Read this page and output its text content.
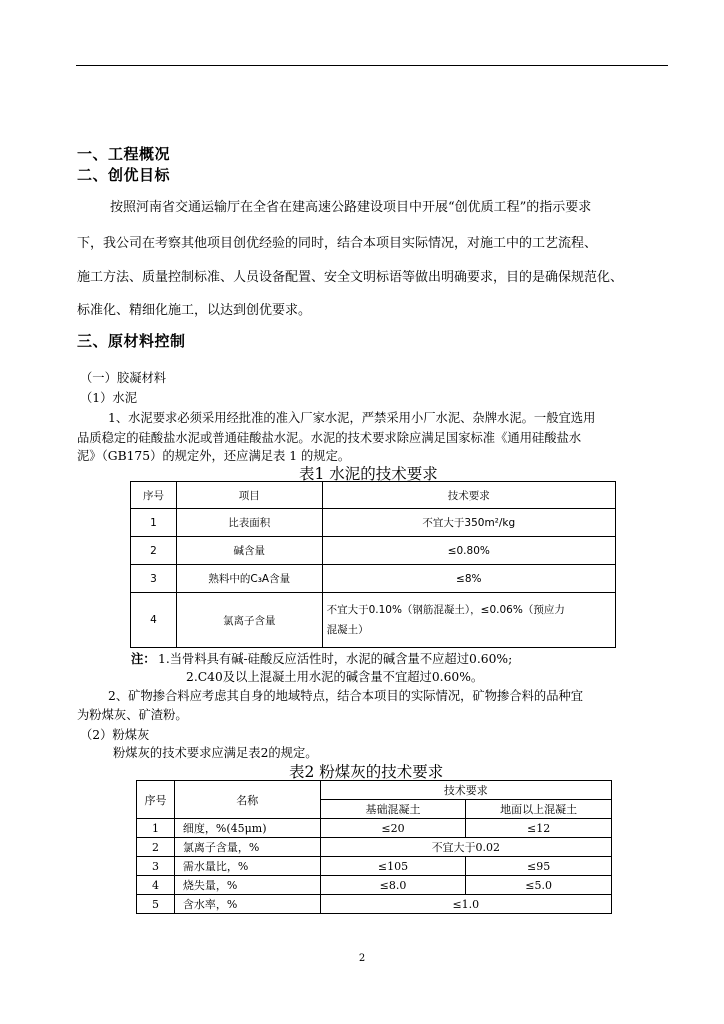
一、工程概况
二、创优目标
按照河南省交通运输厅在全省在建高速公路建设项目中开展“创优质工程”的指示要求
下，我公司在考察其他项目创优经验的同时，结合本项目实际情况，对施工中的工艺流程、
施工方法、质量控制标准、人员设备配置、安全文明标语等做出明确要求，目的是确保规范化、
标准化、精细化施工，以达到创优要求。
三、原材料控制
（一）胶凝材料
（1）水泥
1、水泥要求必须采用经批准的准入厂家水泥，严禁采用小厂水泥、杂牌水泥。一般宜选用
品质稳定的硅酸盐水泥或普通硅酸盐水泥。水泥的技术要求除应满足国家标准《通用硅酸盐水
泥》（GB175）的规定外，还应满足表 1 的规定。
表1 水泥的技术要求
序号	项目	技术要求
1	比表面积	不宜大于350m²/kg
2	碱含量	≤0.80%
3	熟料中的C₃A含量	≤8%
4	氯离子含量	不宜大于0.10%（钢筋混凝土），≤0.06%（预应力
混凝土）
注： 1.当骨料具有碱-硅酸反应活性时，水泥的碱含量不应超过0.60%;
2.C40及以上混凝土用水泥的碱含量不宜超过0.60%。
2、矿物掺合料应考虑其自身的地域特点，结合本项目的实际情况，矿物掺合料的品种宜
为粉煤灰、矿渣粉。
（2）粉煤灰
粉煤灰的技术要求应满足表2的规定。
表2 粉煤灰的技术要求
序号	名称	技术要求	
		基础混凝土	地面以上混凝土
1	细度，%(45μm)	≤20	≤12
2	氯离子含量，%	不宜大于0.02	
3	需水量比，%	≤105	≤95
4	烧失量，%	≤8.0	≤5.0
5	含水率，%	≤1.0	
2
